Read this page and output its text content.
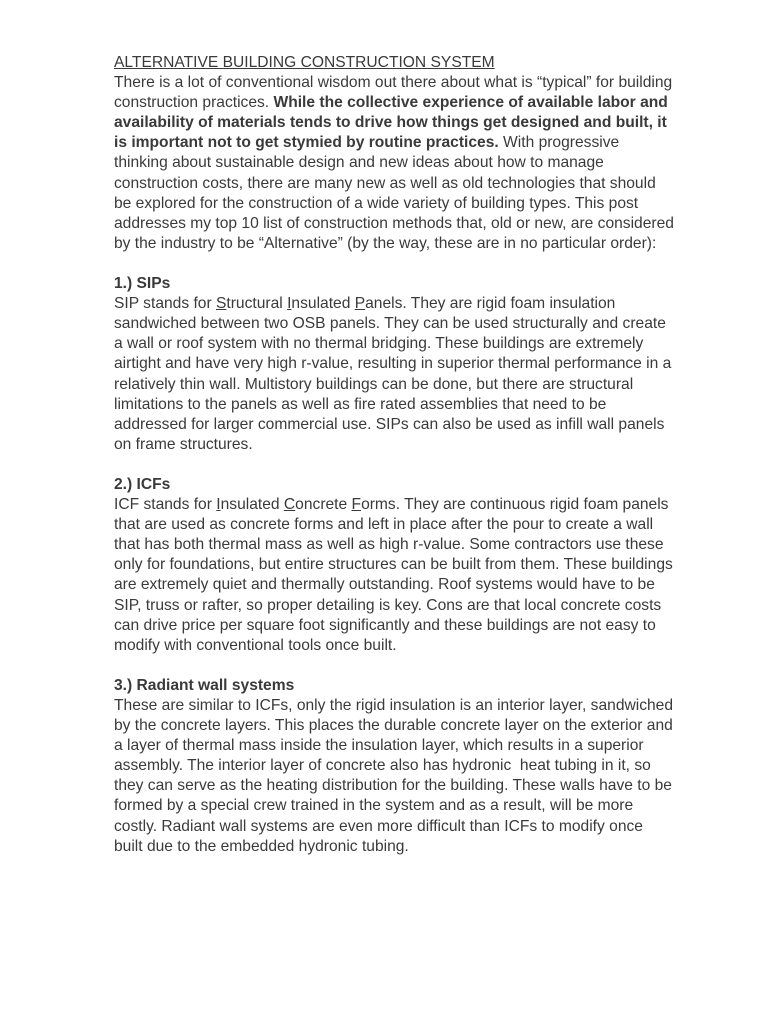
ALTERNATIVE BUILDING CONSTRUCTION SYSTEM

There is a lot of conventional wisdom out there about what is “typical” for building construction practices. While the collective experience of available labor and availability of materials tends to drive how things get designed and built, it is important not to get stymied by routine practices. With progressive thinking about sustainable design and new ideas about how to manage construction costs, there are many new as well as old technologies that should be explored for the construction of a wide variety of building types. This post addresses my top 10 list of construction methods that, old or new, are considered by the industry to be “Alternative” (by the way, these are in no particular order):

1.) SIPs

SIP stands for Structural Insulated Panels. They are rigid foam insulation sandwiched between two OSB panels. They can be used structurally and create a wall or roof system with no thermal bridging. These buildings are extremely airtight and have very high r-value, resulting in superior thermal performance in a relatively thin wall. Multistory buildings can be done, but there are structural limitations to the panels as well as fire rated assemblies that need to be addressed for larger commercial use. SIPs can also be used as infill wall panels on frame structures.

2.) ICFs

ICF stands for Insulated Concrete Forms. They are continuous rigid foam panels that are used as concrete forms and left in place after the pour to create a wall that has both thermal mass as well as high r-value. Some contractors use these only for foundations, but entire structures can be built from them. These buildings are extremely quiet and thermally outstanding. Roof systems would have to be SIP, truss or rafter, so proper detailing is key. Cons are that local concrete costs can drive price per square foot significantly and these buildings are not easy to modify with conventional tools once built.

3.) Radiant wall systems

These are similar to ICFs, only the rigid insulation is an interior layer, sandwiched by the concrete layers. This places the durable concrete layer on the exterior and a layer of thermal mass inside the insulation layer, which results in a superior assembly. The interior layer of concrete also has hydronic  heat tubing in it, so they can serve as the heating distribution for the building. These walls have to be formed by a special crew trained in the system and as a result, will be more costly. Radiant wall systems are even more difficult than ICFs to modify once built due to the embedded hydronic tubing.
